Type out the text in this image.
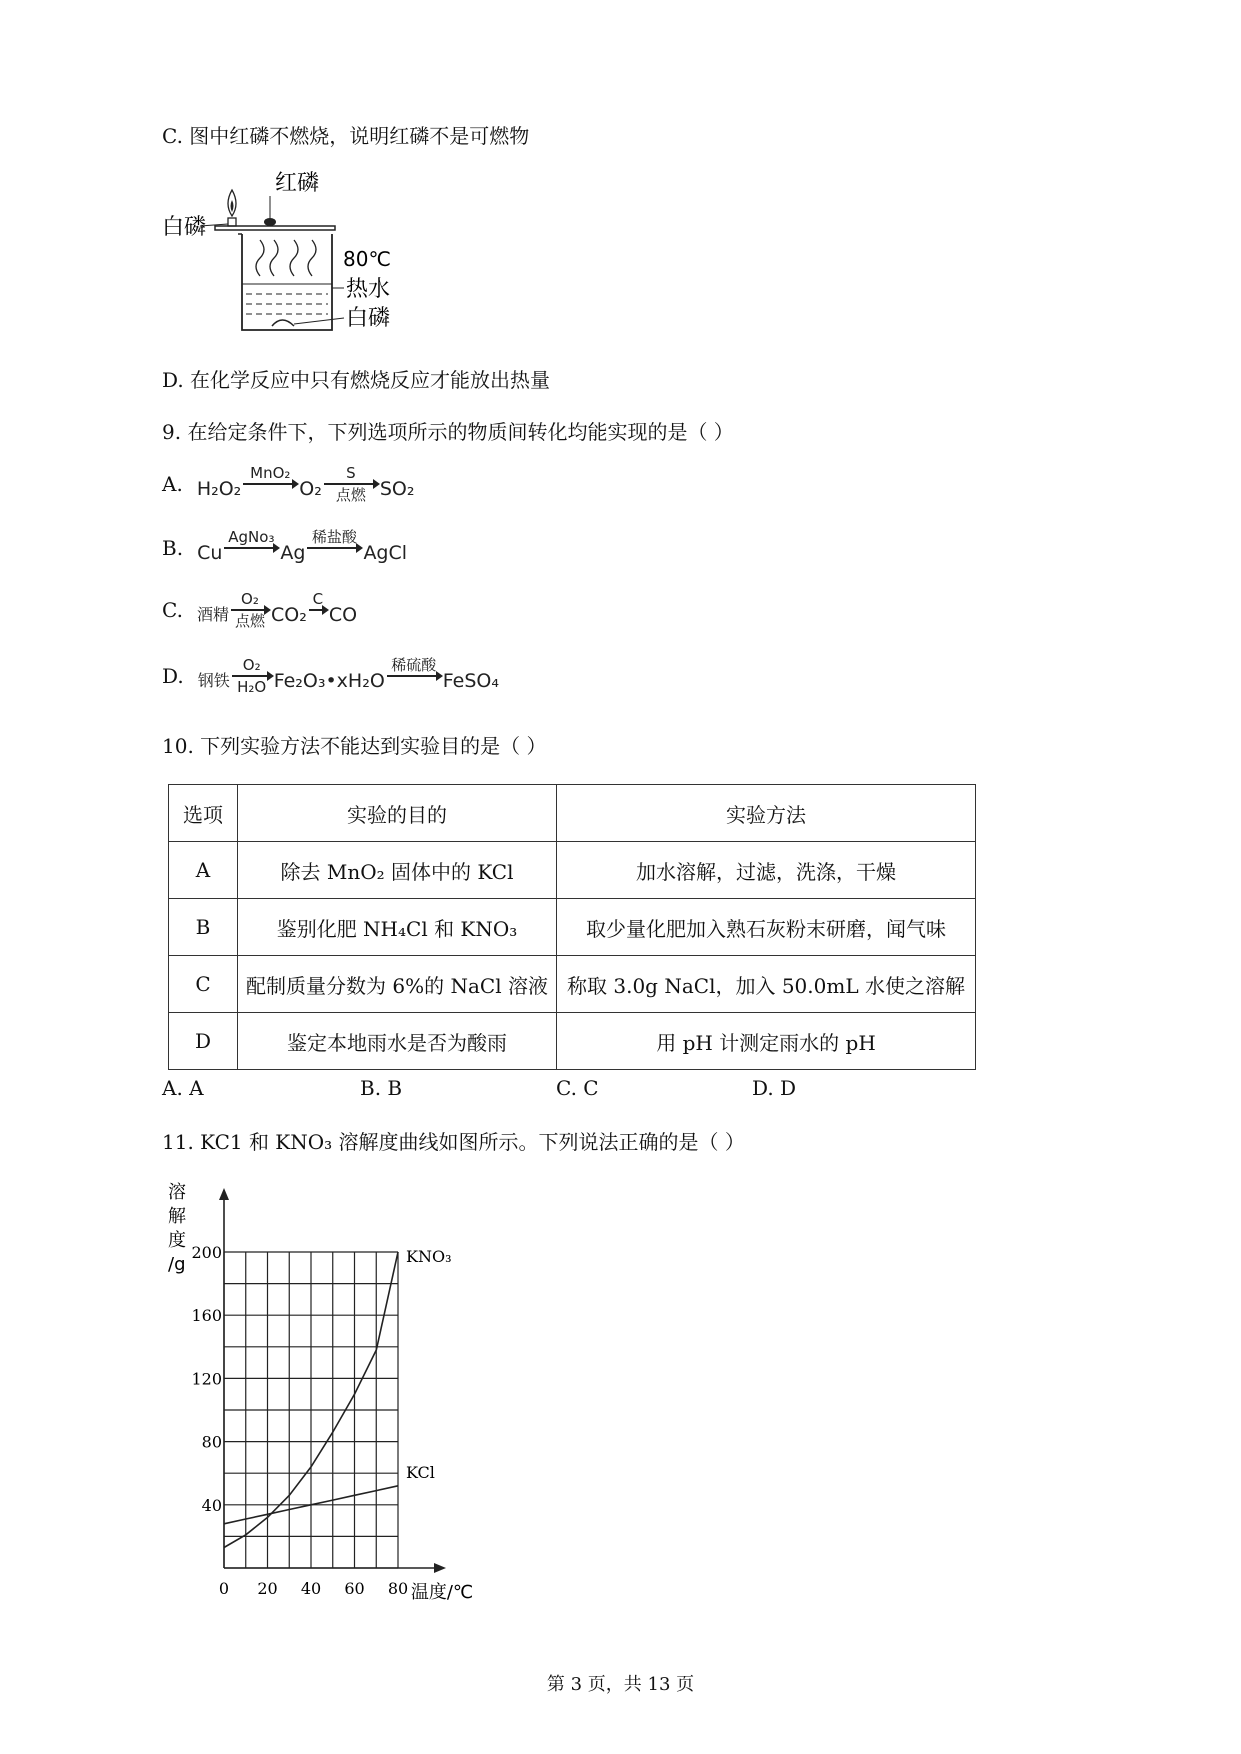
C. 图中红磷不燃烧，说明红磷不是可燃物
红磷
白磷
80℃
热水
白磷
D. 在化学反应中只有燃烧反应才能放出热量
9. 在给定条件下，下列选项所示的物质间转化均能实现的是（ ）
A. H₂O₂
MnO₂
O₂
S
点燃 SO₂
B. Cu
AgNo₃
Ag
稀盐酸
AgCl
C. 酒精
O₂
点燃 CO₂
C
CO
D. 钢铁
O₂
H₂O Fe₂O₃•xH₂O
稀硫酸
FeSO₄
10. 下列实验方法不能达到实验目的是（ ）
选项	实验的目的	实验方法
A	除去 MnO₂ 固体中的 KCl	加水溶解，过滤，洗涤，干燥
B	鉴别化肥 NH₄Cl 和 KNO₃	取少量化肥加入熟石灰粉末研磨，闻气味
C	配制质量分数为 6%的 NaCl 溶液	称取 3.0g NaCl，加入 50.0mL 水使之溶解
D	鉴定本地雨水是否为酸雨	用 pH 计测定雨水的 pH
A. A	B. B	C. C	D. D
11. KC1 和 KNO₃ 溶解度曲线如图所示。下列说法正确的是（ ）
0 20 40 60 80
40
80
120
160
200
溶
解
度
/g
温度/℃
KNO₃
KCl
第 3 页，共 13 页
